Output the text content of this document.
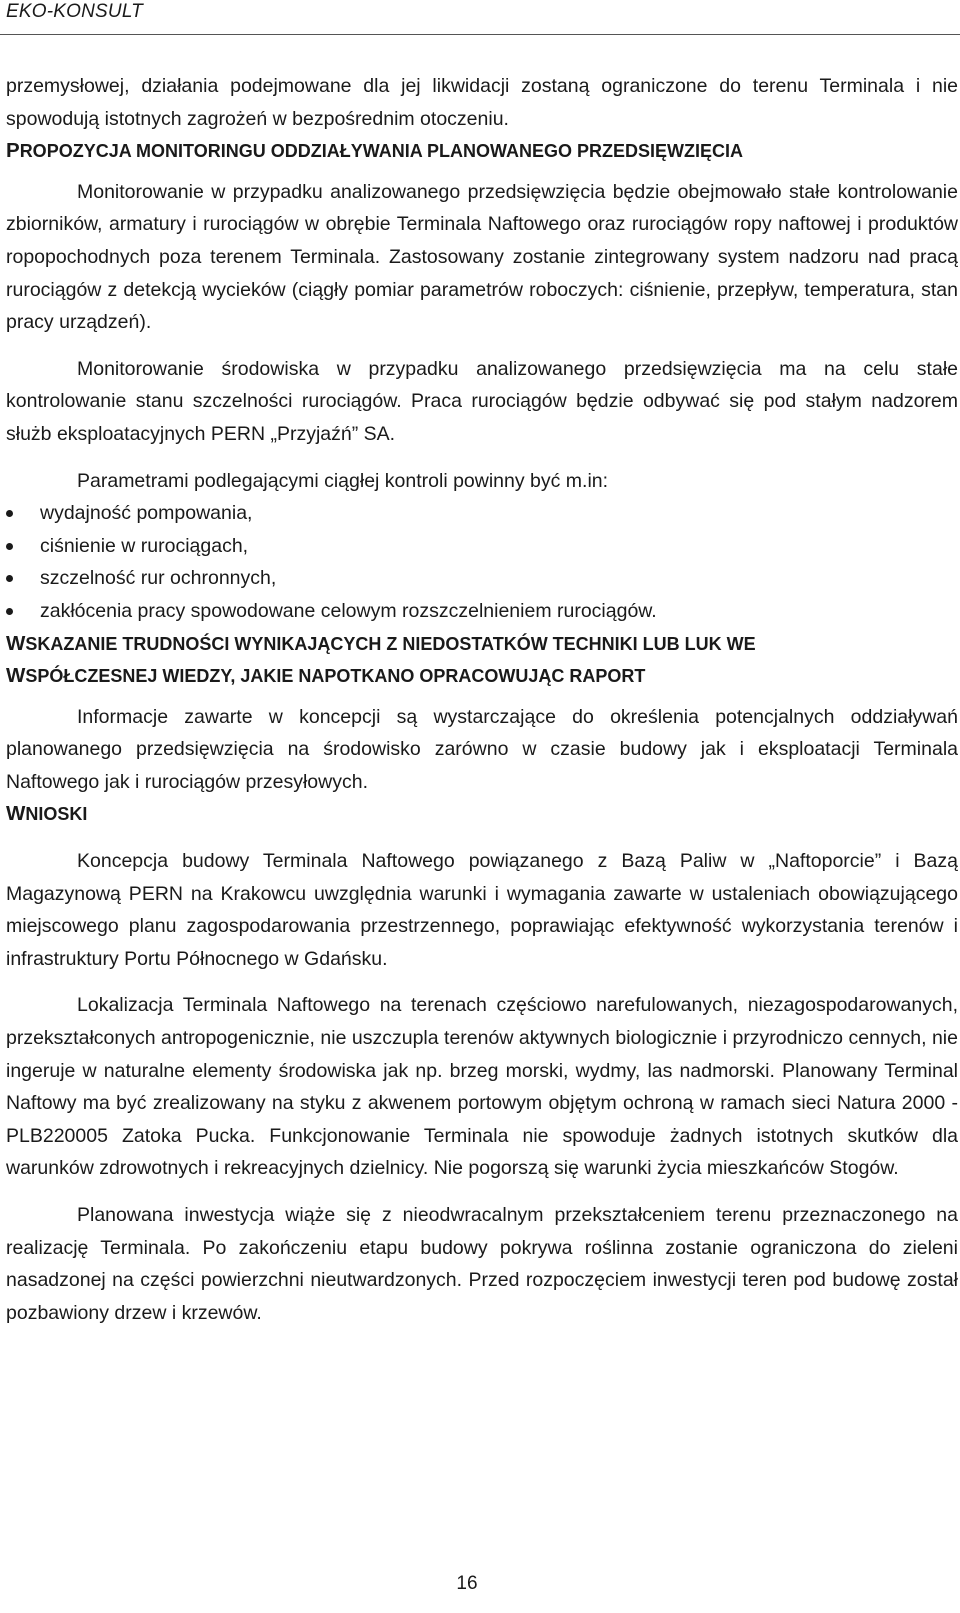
EKO-KONSULT

przemysłowej, działania podejmowane dla jej likwidacji zostaną ograniczone do terenu Terminala i nie spowodują istotnych zagrożeń w bezpośrednim otoczeniu.

PROPOZYCJA MONITORINGU ODDZIAŁYWANIA PLANOWANEGO PRZEDSIĘWZIĘCIA

Monitorowanie w przypadku analizowanego przedsięwzięcia będzie obejmowało stałe kontrolowanie zbiorników, armatury i rurociągów w obrębie Terminala Naftowego oraz rurociągów ropy naftowej i produktów ropopochodnych poza terenem Terminala. Zastosowany zostanie zintegrowany system nadzoru nad pracą rurociągów z detekcją wycieków (ciągły pomiar parametrów roboczych: ciśnienie, przepływ, temperatura, stan pracy urządzeń).

Monitorowanie środowiska w przypadku analizowanego przedsięwzięcia ma na celu stałe kontrolowanie stanu szczelności rurociągów. Praca rurociągów będzie odbywać się pod stałym nadzorem służb eksploatacyjnych PERN „Przyjaźń” SA.

Parametrami podlegającymi ciągłej kontroli powinny być m.in:

wydajność pompowania,
ciśnienie w rurociągach,
szczelność rur ochronnych,
zakłócenia pracy spowodowane celowym rozszczelnieniem rurociągów.
WSKAZANIE TRUDNOŚCI WYNIKAJĄCYCH Z NIEDOSTATKÓW TECHNIKI LUB LUK WE
WSPÓŁCZESNEJ WIEDZY, JAKIE NAPOTKANO OPRACOWUJĄC RAPORT

Informacje zawarte w koncepcji są wystarczające do określenia potencjalnych oddziaływań planowanego przedsięwzięcia na środowisko zarówno w czasie budowy jak i eksploatacji Terminala Naftowego jak i rurociągów przesyłowych.

WNIOSKI

Koncepcja budowy Terminala Naftowego powiązanego z Bazą Paliw w „Naftoporcie” i Bazą Magazynową PERN na Krakowcu uwzględnia warunki i wymagania zawarte w ustaleniach obowiązującego miejscowego planu zagospodarowania przestrzennego, poprawiając efektywność wykorzystania terenów i infrastruktury Portu Północnego w Gdańsku.

Lokalizacja Terminala Naftowego na terenach częściowo narefulowanych, niezagospodarowanych, przekształconych antropogenicznie, nie uszczupla terenów aktywnych biologicznie i przyrodniczo cennych, nie ingeruje w naturalne elementy środowiska jak np. brzeg morski, wydmy, las nadmorski. Planowany Terminal Naftowy ma być zrealizowany na styku z akwenem portowym objętym ochroną w ramach sieci Natura 2000 - PLB220005 Zatoka Pucka. Funkcjonowanie Terminala nie spowoduje żadnych istotnych skutków dla warunków zdrowotnych i rekreacyjnych dzielnicy. Nie pogorszą się warunki życia mieszkańców Stogów.

Planowana inwestycja wiąże się z nieodwracalnym przekształceniem terenu przeznaczonego na realizację Terminala. Po zakończeniu etapu budowy pokrywa roślinna zostanie ograniczona do zieleni nasadzonej na części powierzchni nieutwardzonych. Przed rozpoczęciem inwestycji teren pod budowę został pozbawiony drzew i krzewów.

16
